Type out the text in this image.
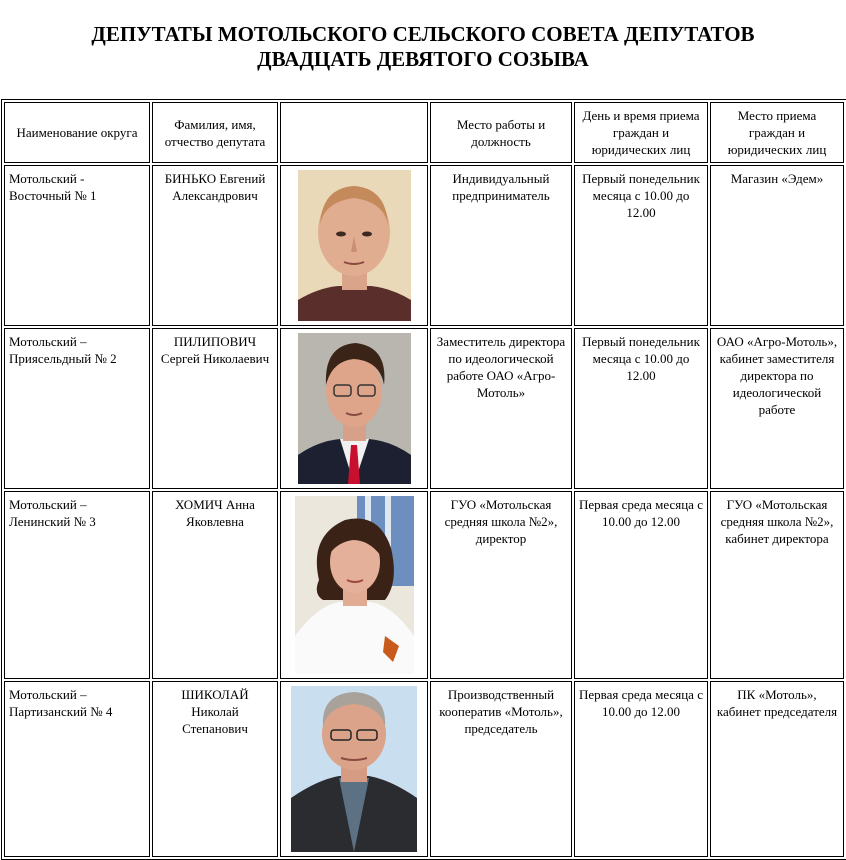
ДЕПУТАТЫ МОТОЛЬСКОГО СЕЛЬСКОГО СОВЕТА ДЕПУТАТОВ
ДВАДЦАТЬ ДЕВЯТОГО СОЗЫВА
Наименование округа	Фамилия, имя, отчество депутата		Место работы и должность	День и время приема граждан и юридических лиц	Место приема граждан и юридических лиц
Мотольский - Восточный № 1	БИНЬКО Евгений Александрович		Индивидуальный предприниматель	Первый понедельник месяца с 10.00 до 12.00	Магазин «Эдем»
Мотольский – Приясельдный № 2	ПИЛИПОВИЧ Сергей Николаевич		Заместитель директора по идеологической работе ОАО «Агро-Мотоль»	Первый понедельник месяца с 10.00 до 12.00	ОАО «Агро-Мотоль», кабинет заместителя директора по идеологической работе
Мотольский – Ленинский № 3	ХОМИЧ Анна Яковлевна		ГУО «Мотольская средняя школа №2», директор	Первая среда месяца с 10.00 до 12.00	ГУО «Мотольская средняя школа №2», кабинет директора
Мотольский – Партизанский № 4	ШИКОЛАЙ Николай Степанович		Производственный кооператив «Мотоль», председатель	Первая среда месяца с 10.00 до 12.00	ПК «Мотоль», кабинет председателя
